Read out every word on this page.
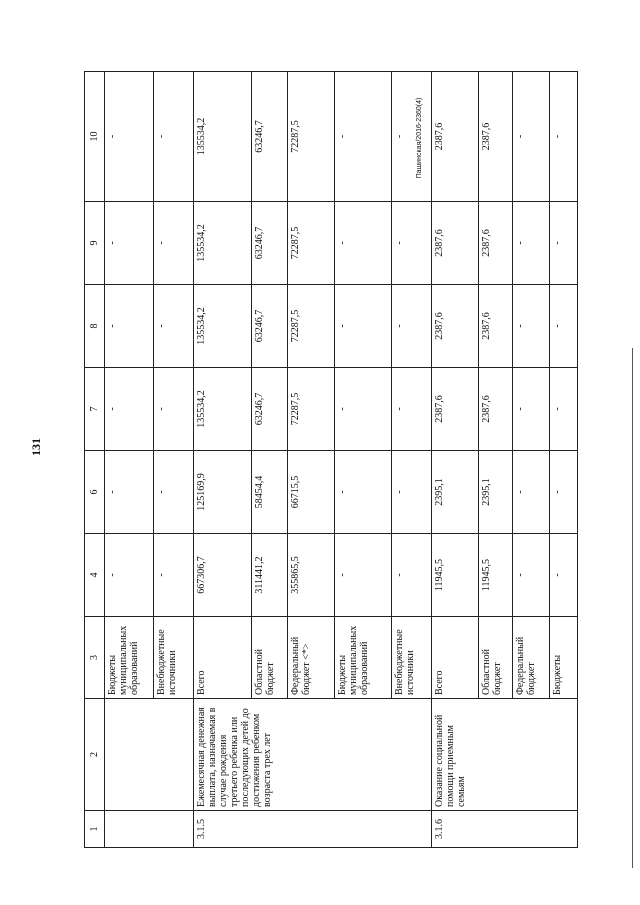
131
Пашинская/2016-2360(4)
1	2	3	4	6	7	8	9	10
		Бюджеты муниципальных образований	-	-	-	-	-	-
		Внебюджетные источники	-	-	-	-	-	-
3.1.5	Ежемесячная денежная выплата, назначаемая в случае рождения третьего ребенка или последующих детей до достижения ребенком возраста трех лет	Всего	667306,7	125169,9	135534,2	135534,2	135534,2	135534,2
		Областной бюджет	311441,2	58454,4	63246,7	63246,7	63246,7	63246,7
		Федеральный бюджет <*>	355865,5	66715,5	72287,5	72287,5	72287,5	72287,5
		Бюджеты муниципальных образований	-	-	-	-	-	-
		Внебюджетные источники	-	-	-	-	-	-
3.1.6	Оказание социальной помощи приемным семьям	Всего	11945,5	2395,1	2387,6	2387,6	2387,6	2387,6
		Областной бюджет	11945,5	2395,1	2387,6	2387,6	2387,6	2387,6
		Федеральный бюджет	-	-	-	-	-	-
		Бюджеты	-	-	-	-	-	-
